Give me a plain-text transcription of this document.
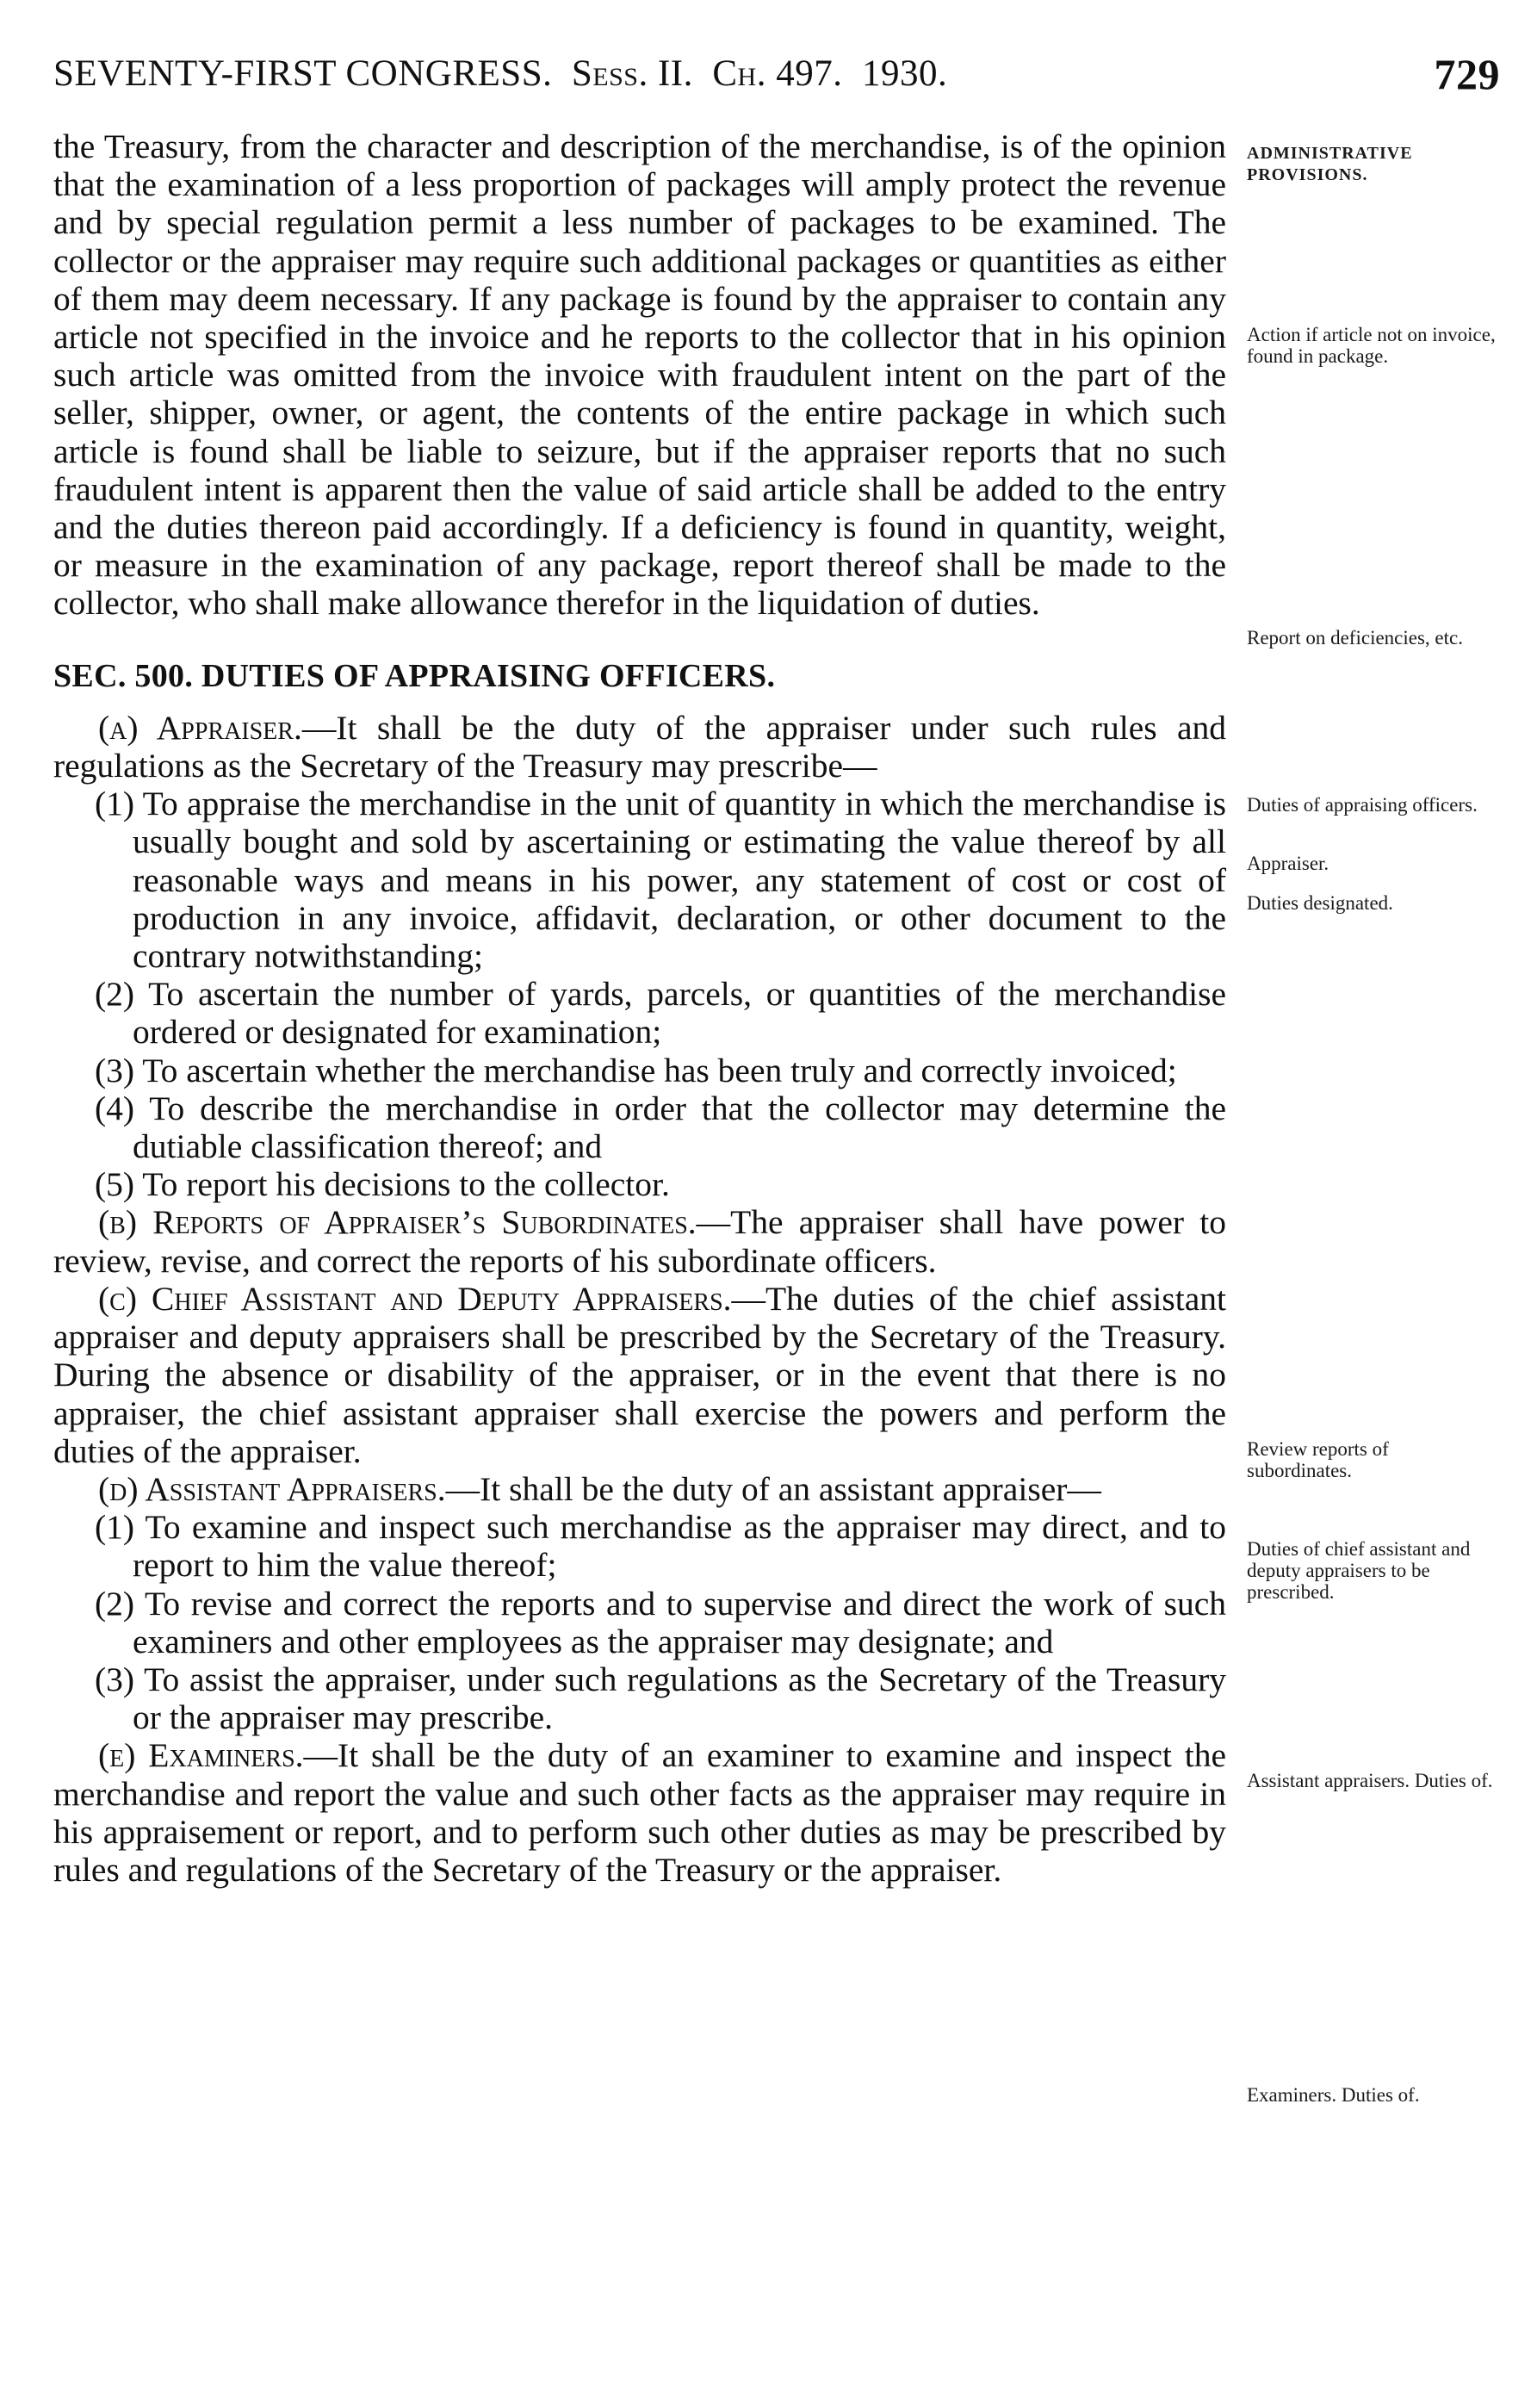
SEVENTY-FIRST CONGRESS. Sess. II. Ch. 497. 1930.	729

the Treasury, from the character and description of the merchandise, is of the opinion that the examination of a less proportion of packages will amply protect the revenue and by special regulation permit a less number of packages to be examined. The collector or the appraiser may require such additional packages or quantities as either of them may deem necessary. If any package is found by the appraiser to contain any article not specified in the invoice and he reports to the collector that in his opinion such article was omitted from the invoice with fraudulent intent on the part of the seller, shipper, owner, or agent, the contents of the entire package in which such article is found shall be liable to seizure, but if the appraiser reports that no such fraudulent intent is apparent then the value of said article shall be added to the entry and the duties thereon paid accordingly. If a deficiency is found in quantity, weight, or measure in the examination of any package, report thereof shall be made to the collector, who shall make allowance therefor in the liquidation of duties.

SEC. 500. DUTIES OF APPRAISING OFFICERS.

(a) Appraiser.—It shall be the duty of the appraiser under such rules and regulations as the Secretary of the Treasury may prescribe—

(1) To appraise the merchandise in the unit of quantity in which the merchandise is usually bought and sold by ascertaining or estimating the value thereof by all reasonable ways and means in his power, any statement of cost or cost of production in any invoice, affidavit, declaration, or other document to the contrary notwithstanding;

(2) To ascertain the number of yards, parcels, or quantities of the merchandise ordered or designated for examination;

(3) To ascertain whether the merchandise has been truly and correctly invoiced;

(4) To describe the merchandise in order that the collector may determine the dutiable classification thereof; and

(5) To report his decisions to the collector.

(b) Reports of Appraiser’s Subordinates.—The appraiser shall have power to review, revise, and correct the reports of his subordinate officers.

(c) Chief Assistant and Deputy Appraisers.—The duties of the chief assistant appraiser and deputy appraisers shall be prescribed by the Secretary of the Treasury. During the absence or disability of the appraiser, or in the event that there is no appraiser, the chief assistant appraiser shall exercise the powers and perform the duties of the appraiser.

(d) Assistant Appraisers.—It shall be the duty of an assistant appraiser—

(1) To examine and inspect such merchandise as the appraiser may direct, and to report to him the value thereof;

(2) To revise and correct the reports and to supervise and direct the work of such examiners and other employees as the appraiser may designate; and

(3) To assist the appraiser, under such regulations as the Secretary of the Treasury or the appraiser may prescribe.

(e) Examiners.—It shall be the duty of an examiner to examine and inspect the merchandise and report the value and such other facts as the appraiser may require in his appraisement or report, and to perform such other duties as may be prescribed by rules and regulations of the Secretary of the Treasury or the appraiser.

ADMINISTRATIVE PROVISIONS.
Action if article not on invoice, found in package.
Report on deficiencies, etc.
Duties of appraising officers.
Appraiser.
Duties designated.
Review reports of subordinates.
Duties of chief assistant and deputy appraisers to be prescribed.
Assistant appraisers. Duties of.
Examiners. Duties of.
